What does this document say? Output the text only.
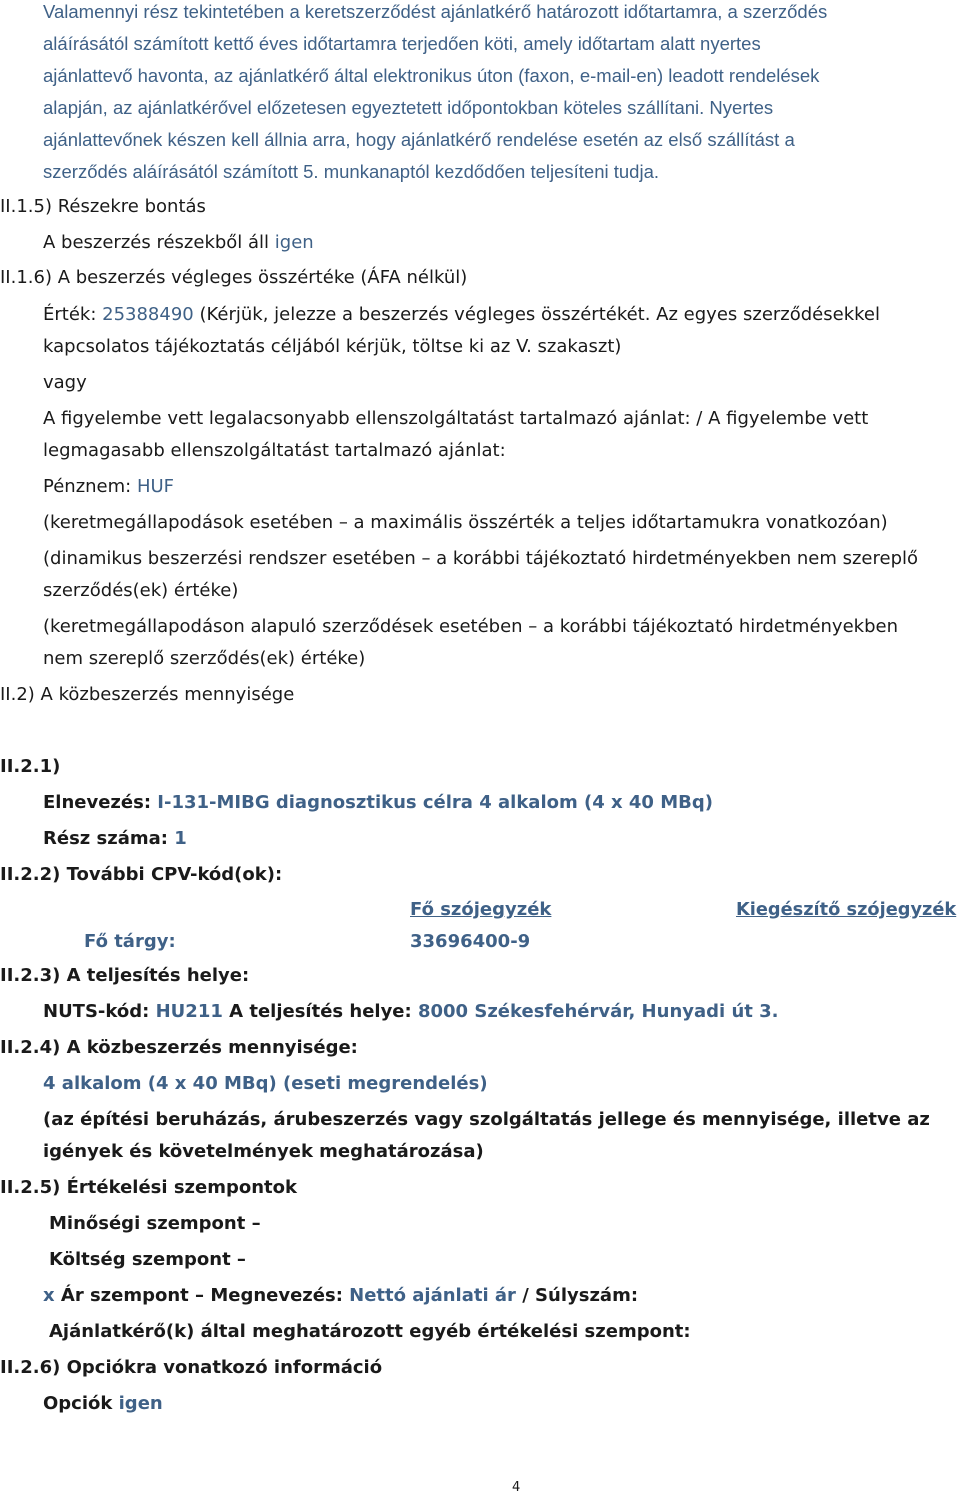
Valamennyi rész tekintetében a keretszerződést ajánlatkérő határozott időtartamra, a szerződés
aláírásától számított kettő éves időtartamra terjedően köti, amely időtartam alatt nyertes
ajánlattevő havonta, az ajánlatkérő által elektronikus úton (faxon, e-mail-en) leadott rendelések
alapján, az ajánlatkérővel előzetesen egyeztetett időpontokban köteles szállítani. Nyertes
ajánlattevőnek készen kell állnia arra, hogy ajánlatkérő rendelése esetén az első szállítást a
szerződés aláírásától számított 5. munkanaptól kezdődően teljesíteni tudja.
II.1.5) Részekre bontás
A beszerzés részekből áll igen
II.1.6) A beszerzés végleges összértéke (ÁFA nélkül)
Érték: 25388490 (Kérjük, jelezze a beszerzés végleges összértékét. Az egyes szerződésekkel
kapcsolatos tájékoztatás céljából kérjük, töltse ki az V. szakaszt)
vagy
A figyelembe vett legalacsonyabb ellenszolgáltatást tartalmazó ajánlat: / A figyelembe vett
legmagasabb ellenszolgáltatást tartalmazó ajánlat:
Pénznem: HUF
(keretmegállapodások esetében – a maximális összérték a teljes időtartamukra vonatkozóan)
(dinamikus beszerzési rendszer esetében – a korábbi tájékoztató hirdetményekben nem szereplő
szerződés(ek) értéke)
(keretmegállapodáson alapuló szerződések esetében – a korábbi tájékoztató hirdetményekben
nem szereplő szerződés(ek) értéke)
II.2) A közbeszerzés mennyisége
II.2.1)
Elnevezés: I-131-MIBG diagnosztikus célra 4 alkalom (4 x 40 MBq)
Rész száma: 1
II.2.2) További CPV-kód(ok):
Fő szójegyzék	Kiegészítő szójegyzék
Fő tárgy:	33696400-9
II.2.3) A teljesítés helye:
NUTS-kód: HU211 A teljesítés helye: 8000 Székesfehérvár, Hunyadi út 3.
II.2.4) A közbeszerzés mennyisége:
4 alkalom (4 x 40 MBq) (eseti megrendelés)
(az építési beruházás, árubeszerzés vagy szolgáltatás jellege és mennyisége, illetve az
igények és követelmények meghatározása)
II.2.5) Értékelési szempontok
Minőségi szempont –
Költség szempont –
x Ár szempont – Megnevezés: Nettó ajánlati ár / Súlyszám:
Ajánlatkérő(k) által meghatározott egyéb értékelési szempont:
II.2.6) Opciókra vonatkozó információ
Opciók igen
4
